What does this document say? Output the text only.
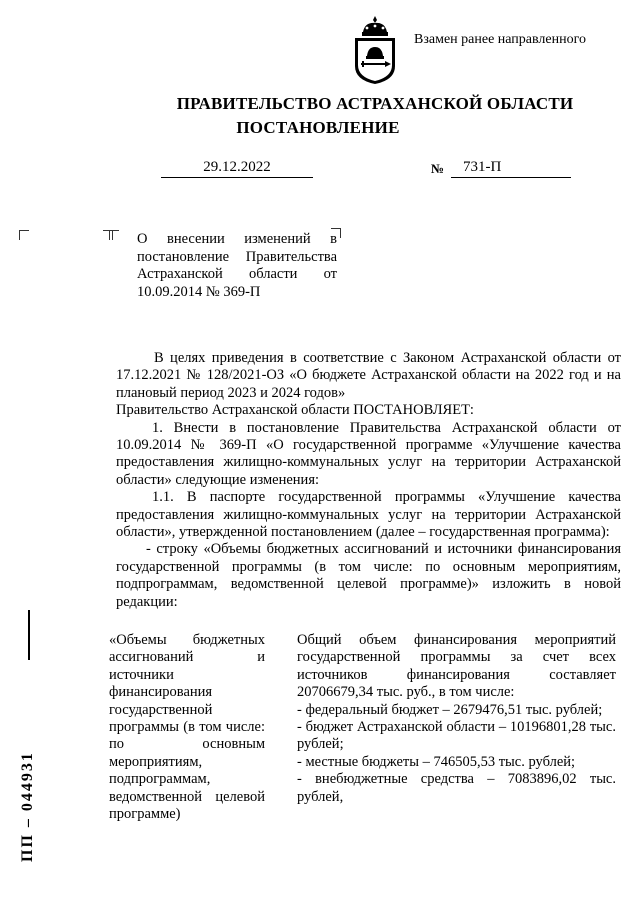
Взамен ранее направленного
ПРАВИТЕЛЬСТВО АСТРАХАНСКОЙ ОБЛАСТИ
ПОСТАНОВЛЕНИЕ
29.12.2022	№	731-П
О внесении изменений в постановление Правительства Астраханской области от 10.09.2014 № 369-П

В целях приведения в соответствие с Законом Астраханской области от 17.12.2021 № 128/2021-ОЗ «О бюджете Астраханской области на 2022 год и на плановый период 2023 и 2024 годов»

Правительство Астраханской области ПОСТАНОВЛЯЕТ:

1. Внести в постановление Правительства Астраханской области от 10.09.2014 № 369-П «О государственной программе «Улучшение качества предоставления жилищно-коммунальных услуг на территории Астраханской области» следующие изменения:

1.1. В паспорте государственной программы «Улучшение качества предоставления жилищно-коммунальных услуг на территории Астраханской области», утвержденной постановлением (далее – государственная программа):

- строку «Объемы бюджетных ассигнований и источники финансирования государственной программы (в том числе: по основным мероприятиям, подпрограммам, ведомственной целевой программе)» изложить в новой редакции:

«Объемы бюджетных ассигнований и источники финансирования государственной программы (в том числе: по основным мероприятиям, подпрограммам, ведомственной целевой программе)

Общий объем финансирования мероприятий государственной программы за счет всех источников финансирования составляет 20706679,34 тыс. руб., в том числе:

- федеральный бюджет – 2679476,51 тыс. рублей;

- бюджет Астраханской области – 10196801,28 тыс. рублей;

- местные бюджеты – 746505,53 тыс. рублей;

- внебюджетные средства – 7083896,02 тыс. рублей,

ПП – 044931
